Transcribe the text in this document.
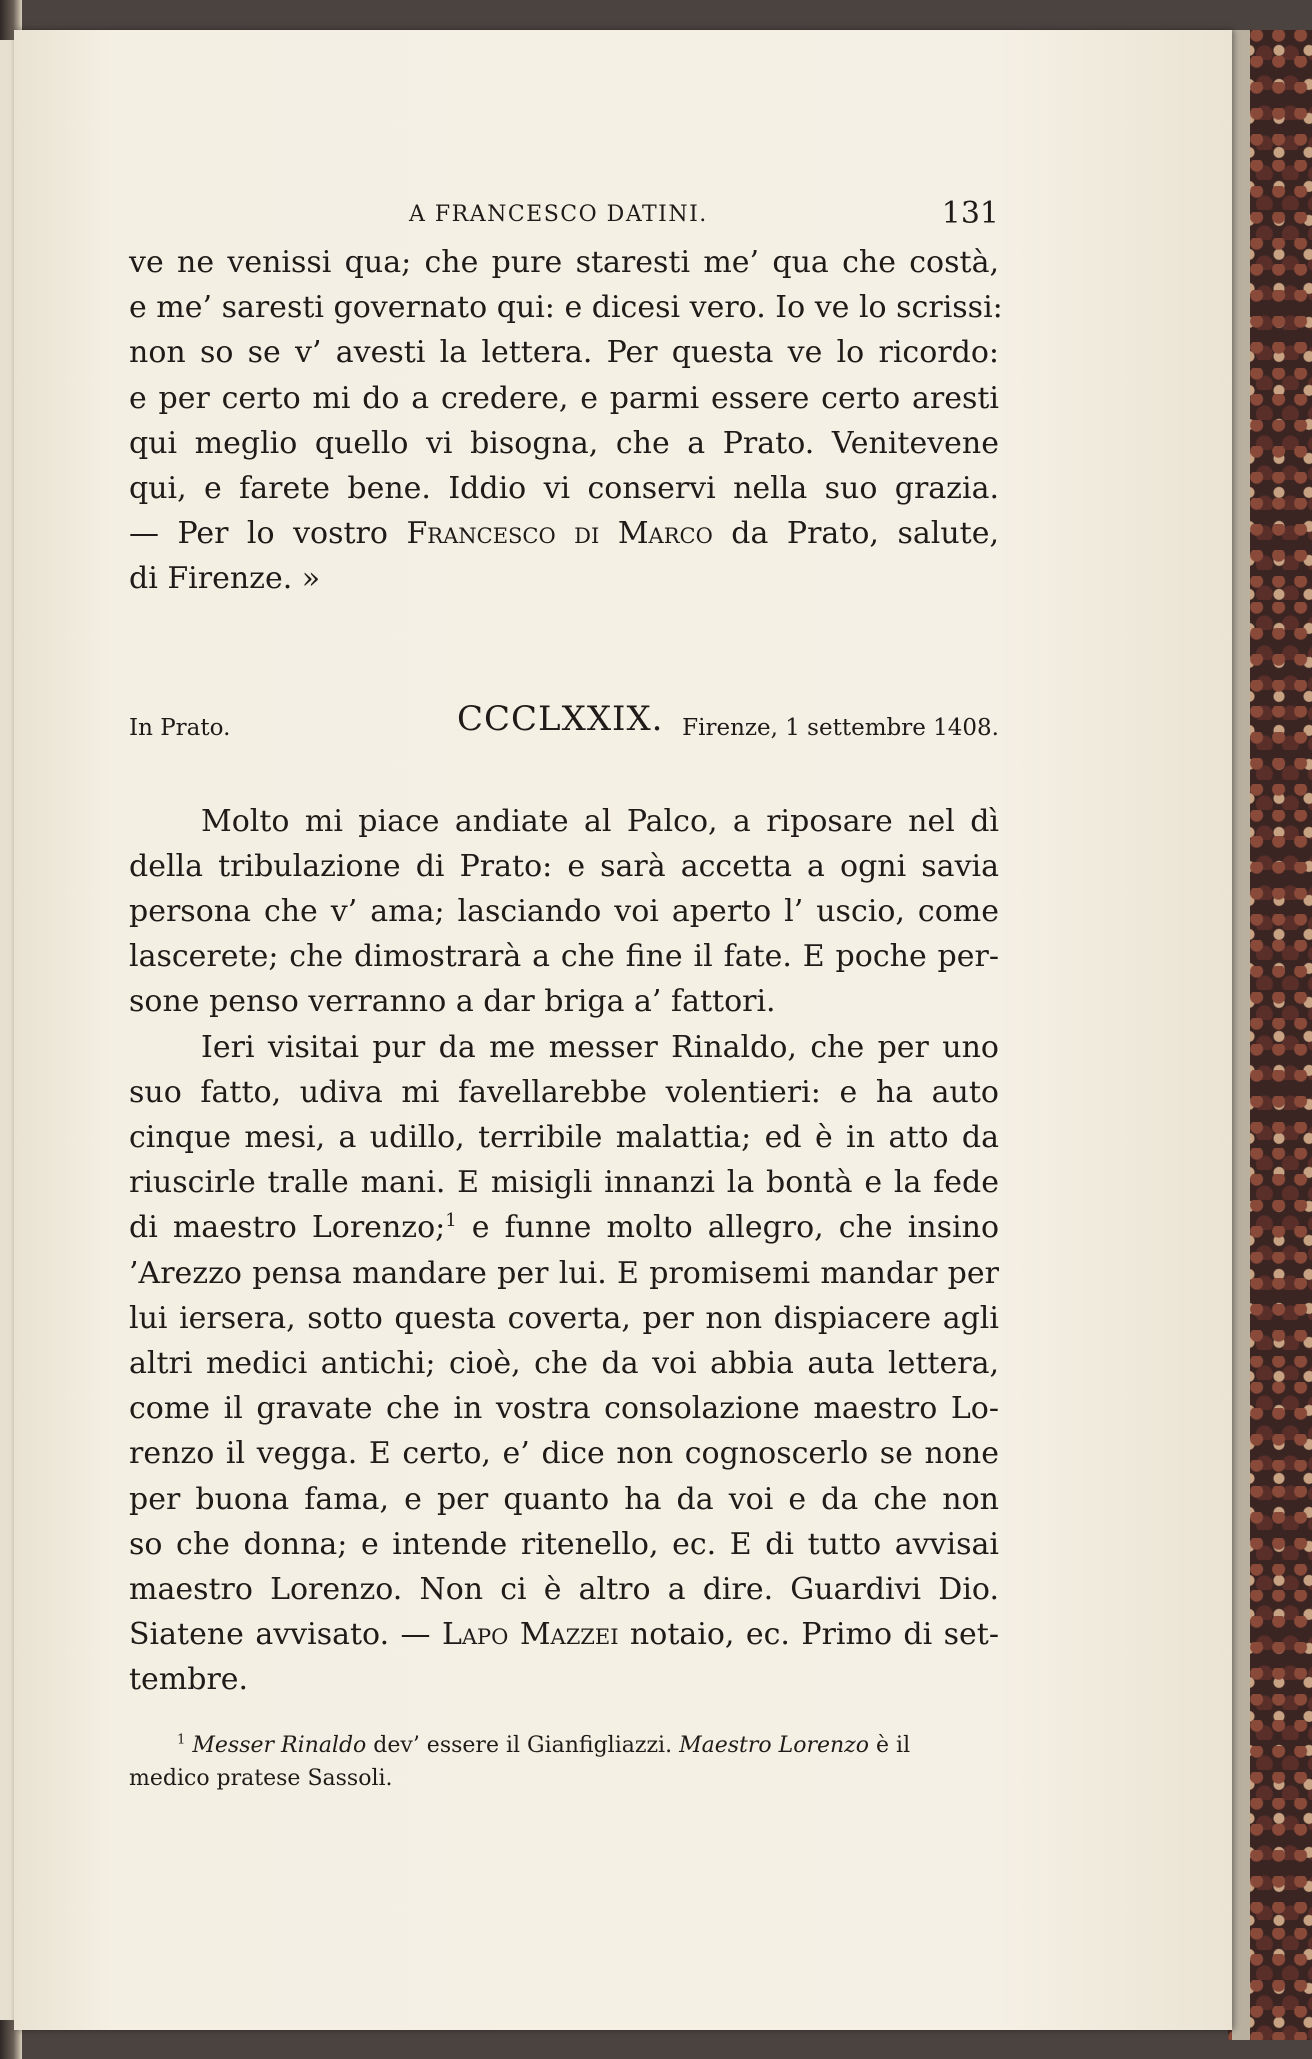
A FRANCESCO DATINI.	131
ve ne venissi qua; che pure staresti me’ qua che costà,
e me’ saresti governato qui: e dicesi vero. Io ve lo scrissi:
non so se v’ avesti la lettera. Per questa ve lo ricordo:
e per certo mi do a credere, e parmi essere certo aresti
qui meglio quello vi bisogna, che a Prato. Venitevene
qui, e farete bene. Iddio vi conservi nella suo grazia.
— Per lo vostro Francesco di Marco da Prato, salute,
di Firenze. »
In Prato.	CCCLXXIX. Firenze, 1 settembre 1408.
Molto mi piace andiate al Palco, a riposare nel dì
della tribulazione di Prato: e sarà accetta a ogni savia
persona che v’ ama; lasciando voi aperto l’ uscio, come
lascerete; che dimostrarà a che fine il fate. E poche per-
sone penso verranno a dar briga a’ fattori.
Ieri visitai pur da me messer Rinaldo, che per uno
suo fatto, udiva mi favellarebbe volentieri: e ha auto
cinque mesi, a udillo, terribile malattia; ed è in atto da
riuscirle tralle mani. E misigli innanzi la bontà e la fede
di maestro Lorenzo;$^1$ e funne molto allegro, che insino
’Arezzo pensa mandare per lui. E promisemi mandar per
lui iersera, sotto questa coverta, per non dispiacere agli
altri medici antichi; cioè, che da voi abbia auta lettera,
come il gravate che in vostra consolazione maestro Lo-
renzo il vegga. E certo, e’ dice non cognoscerlo se none
per buona fama, e per quanto ha da voi e da che non
so che donna; e intende ritenello, ec. E di tutto avvisai
maestro Lorenzo. Non ci è altro a dire. Guardivi Dio.
Siatene avvisato. — Lapo Mazzei notaio, ec. Primo di set-
tembre.
$^1$ Messer Rinaldo dev’ essere il Gianfigliazzi. Maestro Lorenzo è il
medico pratese Sassoli.
